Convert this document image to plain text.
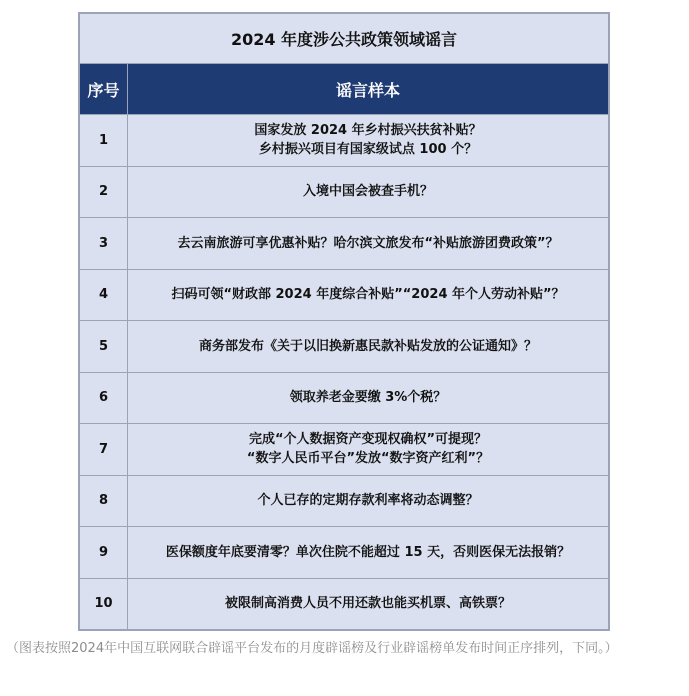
2024 年度涉公共政策领域谣言	
序号	谣言样本
1	国家发放 2024 年乡村振兴扶贫补贴？
乡村振兴项目有国家级试点 100 个？

2	入境中国会被查手机？

3	去云南旅游可享优惠补贴？哈尔滨文旅发布“补贴旅游团费政策”？

4	扫码可领“财政部 2024 年度综合补贴”“2024 年个人劳动补贴”？

5	商务部发布《关于以旧换新惠民款补贴发放的公证通知》？

6	领取养老金要缴 3%个税？

7	完成“个人数据资产变现权确权”可提现？
“数字人民币平台”发放“数字资产红利”？

8	个人已存的定期存款利率将动态调整？

9	医保额度年底要清零？单次住院不能超过 15 天，否则医保无法报销？

10	被限制高消费人员不用还款也能买机票、高铁票？
（图表按照2024年中国互联网联合辟谣平台发布的月度辟谣榜及行业辟谣榜单发布时间正序排列，下同。）
